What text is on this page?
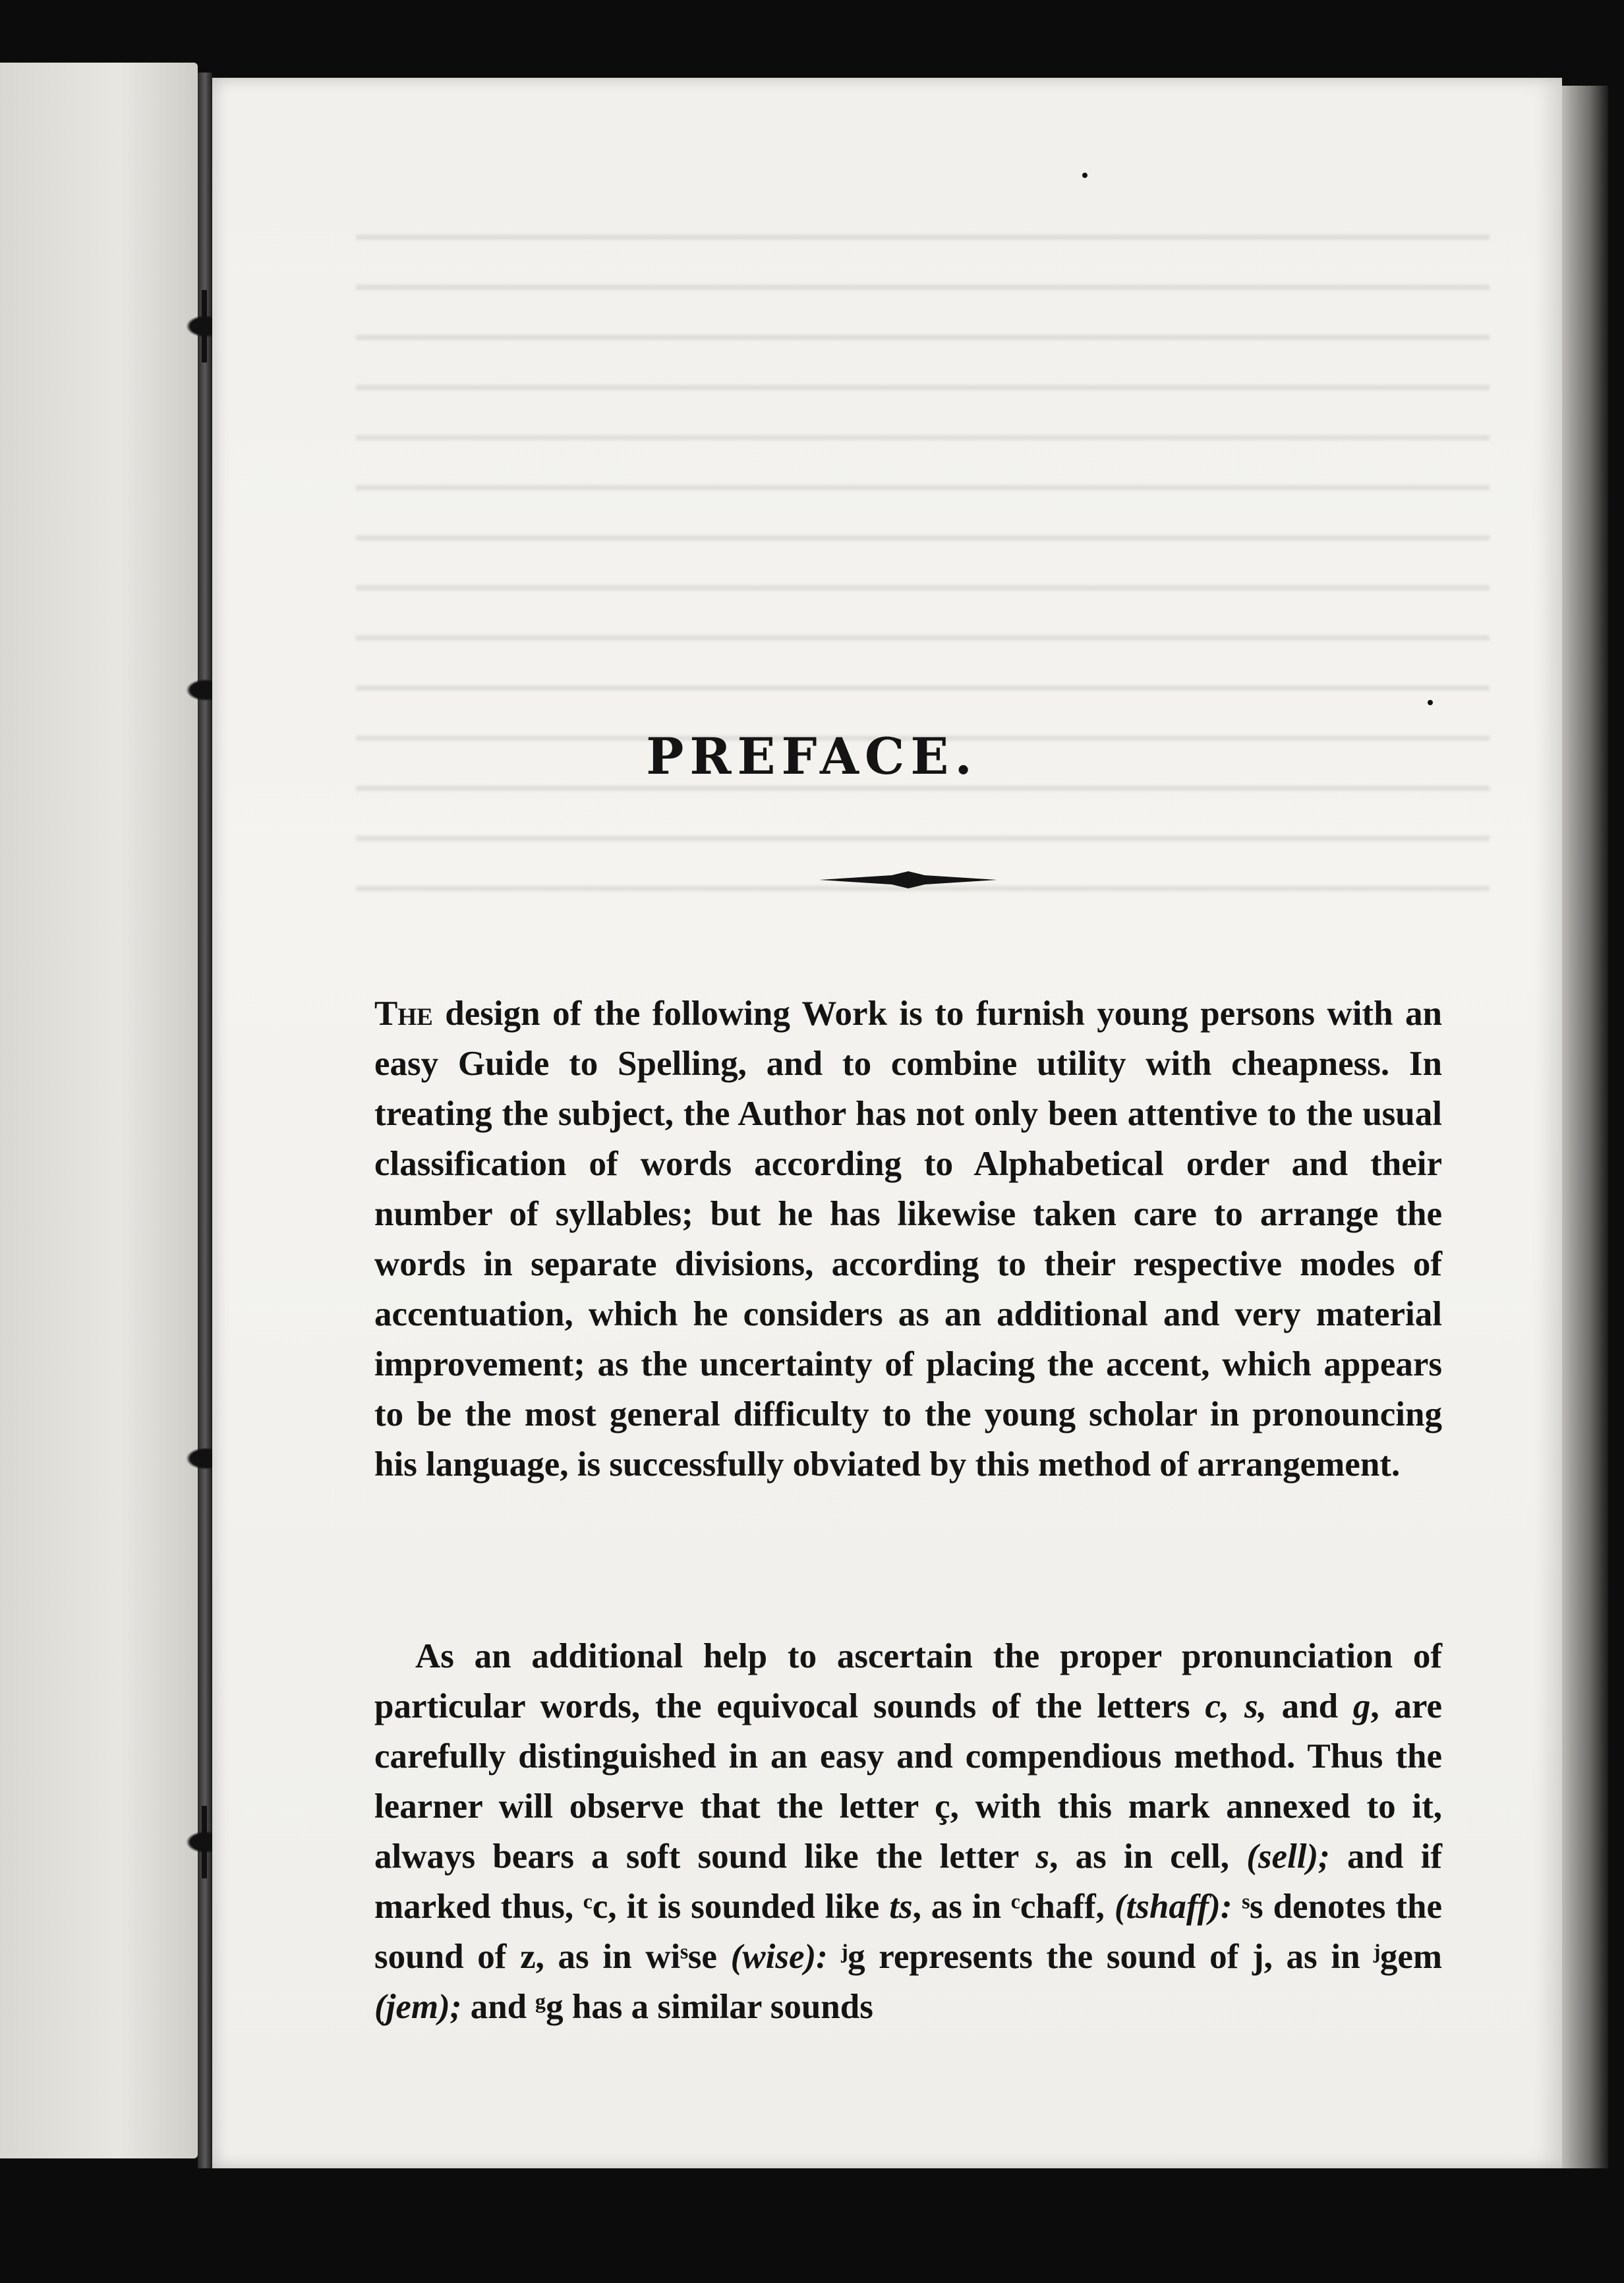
PREFACE.

The design of the following Work is to furnish young persons with an easy Guide to Spelling, and to combine utility with cheapness. In treating the subject, the Author has not only been attentive to the usual classification of words according to Alphabetical order and their number of syllables; but he has likewise taken care to arrange the words in separate divisions, according to their respective modes of accentuation, which he considers as an additional and very material improvement; as the uncertainty of placing the accent, which appears to be the most general difficulty to the young scholar in pronouncing his language, is successfully obviated by this method of arrangement.

As an additional help to ascertain the proper pronunciation of particular words, the equivocal sounds of the letters c, s, and g, are carefully distinguished in an easy and compendious method. Thus the learner will observe that the letter ç, with this mark annexed to it, always bears a soft sound like the letter s, as in cell, (sell); and if marked thus, ᶜc, it is sounded like ts, as in ᶜchaff, (tshaff): ˢs denotes the sound of z, as in wiˢse (wise): ʲg represents the sound of j, as in ʲgem (jem); and ᵍg has a similar sounds
